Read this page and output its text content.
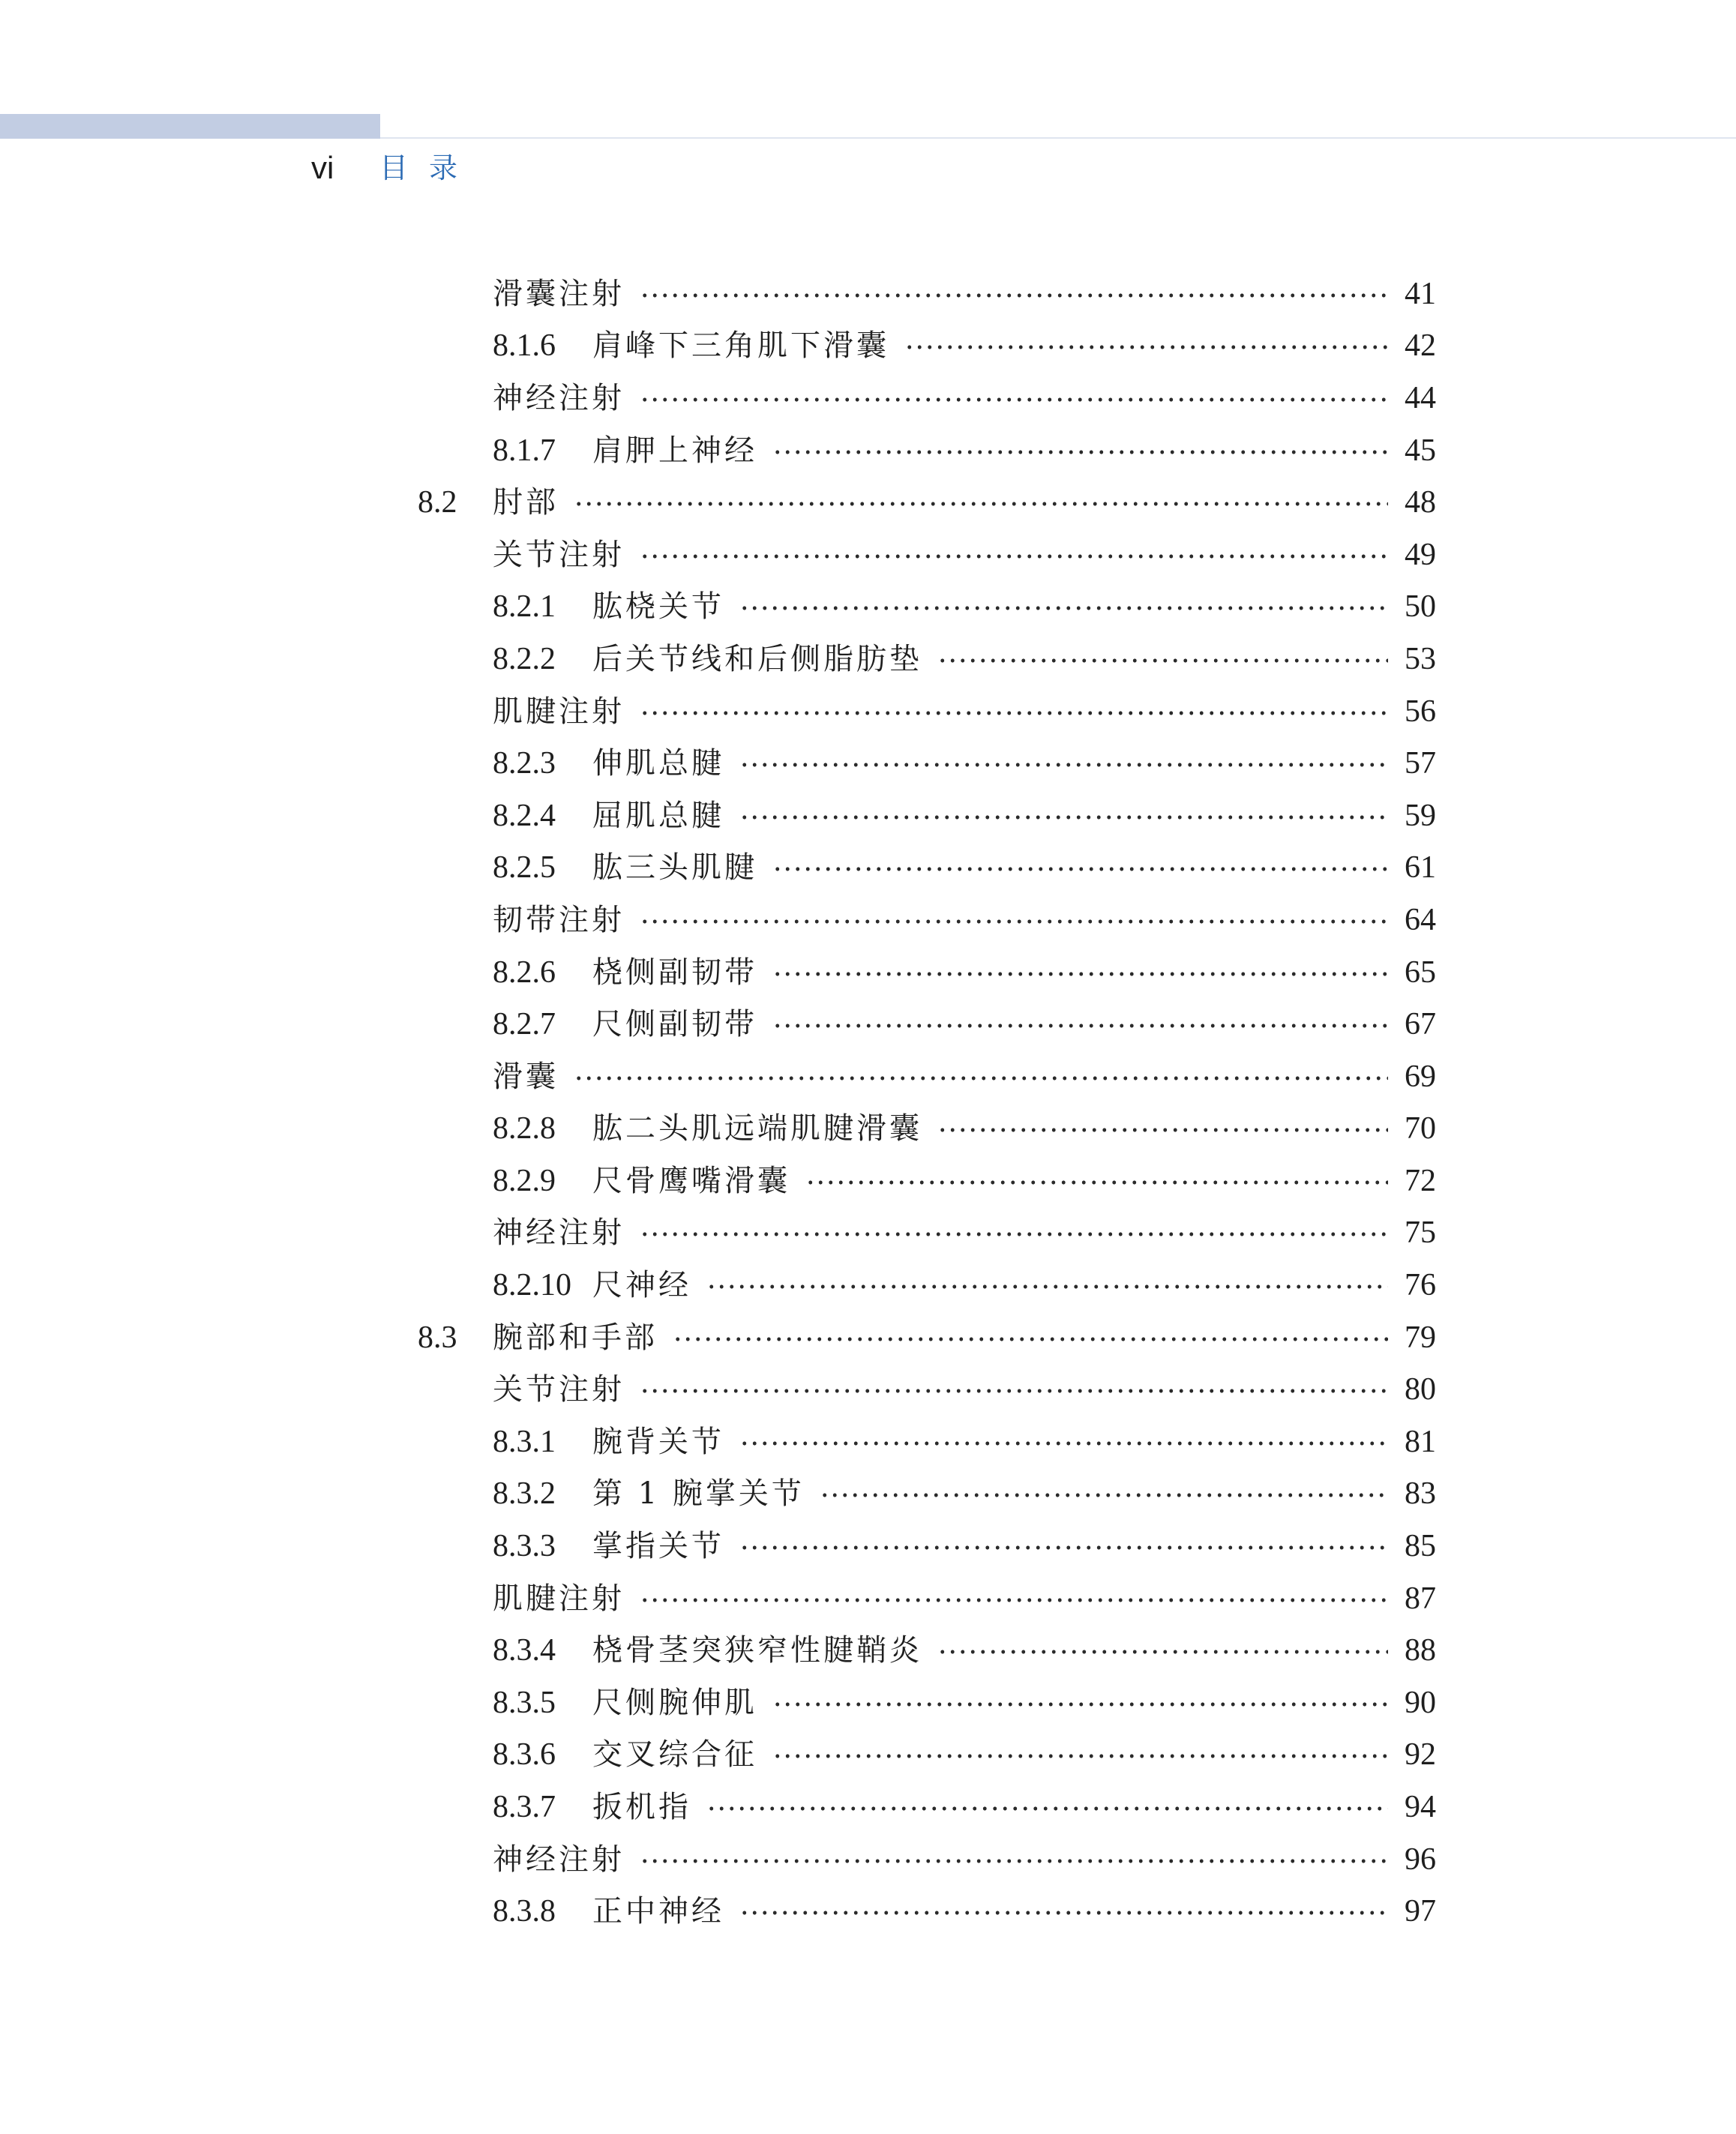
vi 目录
滑囊注射	41
8.1.6	肩峰下三角肌下滑囊	42
神经注射	44
8.1.7	肩胛上神经	45
8.2	肘部	48
关节注射	49
8.2.1	肱桡关节	50
8.2.2	后关节线和后侧脂肪垫	53
肌腱注射	56
8.2.3	伸肌总腱	57
8.2.4	屈肌总腱	59
8.2.5	肱三头肌腱	61
韧带注射	64
8.2.6	桡侧副韧带	65
8.2.7	尺侧副韧带	67
滑囊	69
8.2.8	肱二头肌远端肌腱滑囊	70
8.2.9	尺骨鹰嘴滑囊	72
神经注射	75
8.2.10 尺神经	76
8.3	腕部和手部	79
关节注射	80
8.3.1	腕背关节	81
8.3.2	第 1 腕掌关节	83
8.3.3	掌指关节	85
肌腱注射	87
8.3.4	桡骨茎突狭窄性腱鞘炎	88
8.3.5	尺侧腕伸肌	90
8.3.6	交叉综合征	92
8.3.7	扳机指	94
神经注射	96
8.3.8	正中神经	97
